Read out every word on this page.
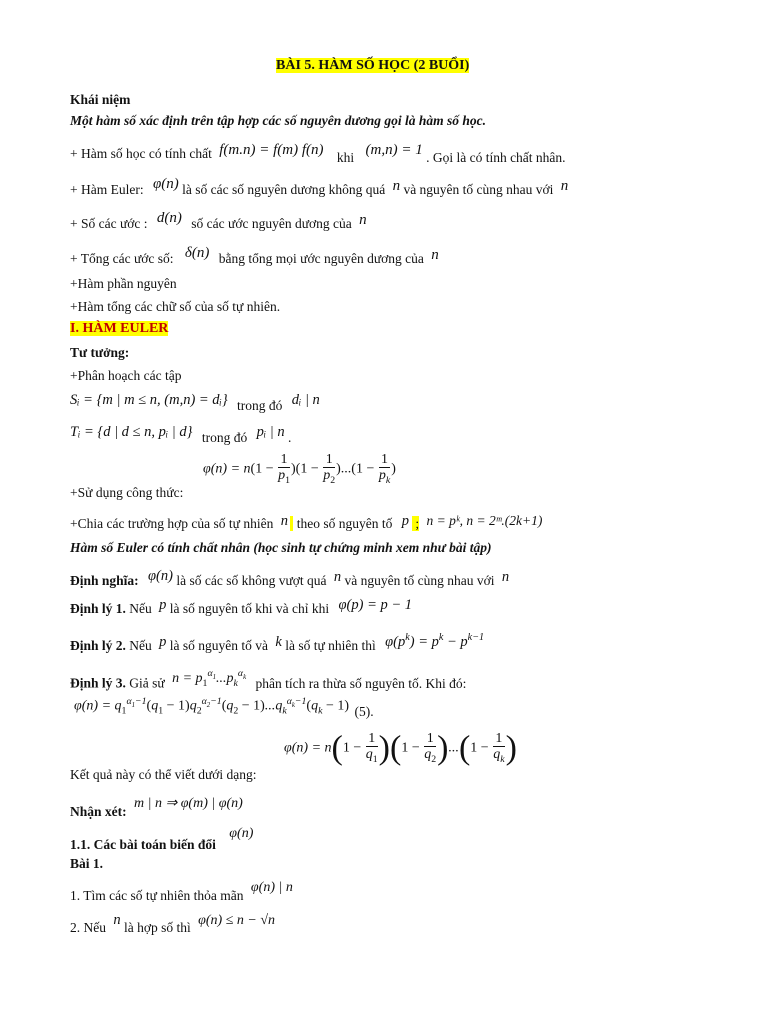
BÀI 5. HÀM SỐ HỌC (2 BUỔI)
Khái niệm
Một hàm số xác định trên tập hợp các số nguyên dương gọi là hàm số học.
+ Hàm số học có tính chất f(m.n) = f(m) f(n) khi (m,n) = 1 . Gọi là có tính chất nhân.
+ Hàm Euler: φ(n) là số các số nguyên dương không quá n và nguyên tố cùng nhau với n
+ Số các ước : d(n) số các ước nguyên dương của n
+ Tổng các ước số: δ(n) bằng tổng mọi ước nguyên dương của n
+Hàm phần nguyên
+Hàm tổng các chữ số của số tự nhiên.
I. HÀM EULER
Tư tưởng:
+Phân hoạch các tập
Sᵢ = {m | m ≤ n, (m,n) = dᵢ} trong đó dᵢ | n
Tᵢ = {d | d ≤ n, pᵢ | d} trong đó pᵢ | n .
$\varphi(n) = n(1 - \frac{1}{p_1} )(1 - \frac{1}{p_2} )...(1 - \frac{1}{p_k}$ )
+Sử dụng công thức:
+Chia các trường hợp của số tự nhiên n theo số nguyên tố p ; n = pᵏ, n = 2ᵐ.(2k+1)
Hàm số Euler có tính chất nhân (học sinh tự chứng minh xem như bài tập)
Định nghĩa: φ(n) là số các số không vượt quá n và nguyên tố cùng nhau với n
Định lý 1. Nếu p là số nguyên tố khi và chỉ khi φ(p) = p − 1
Định lý 2. Nếu p là số nguyên tố và k là số tự nhiên thì $\varphi(p^k) = p^k - p^{k-1}$
Định lý 3. Giả sử $n = p_1^{\alpha_1}...p_k^{\alpha_k}$ phân tích ra thừa số nguyên tố. Khi đó:
$\varphi(n) = q_1^{\alpha_1-1}(q_1 - 1)q_2^{\alpha_2-1}(q_2 - 1)...q_k^{\alpha_k-1}(q_k - 1)$ (5).
$\varphi(n) = n(1 - \frac{1}{q_1} )(1 - \frac{1}{q_2} )...(1 - \frac{1}{q_k}$ )
Kết quả này có thể viết dưới dạng:
Nhận xét: m | n ⇒ φ(m) | φ(n)
1.1. Các bài toán biến đổi φ(n)
Bài 1.
1. Tìm các số tự nhiên thỏa mãn φ(n) | n
2. Nếu n là hợp số thì φ(n) ≤ n − √n
